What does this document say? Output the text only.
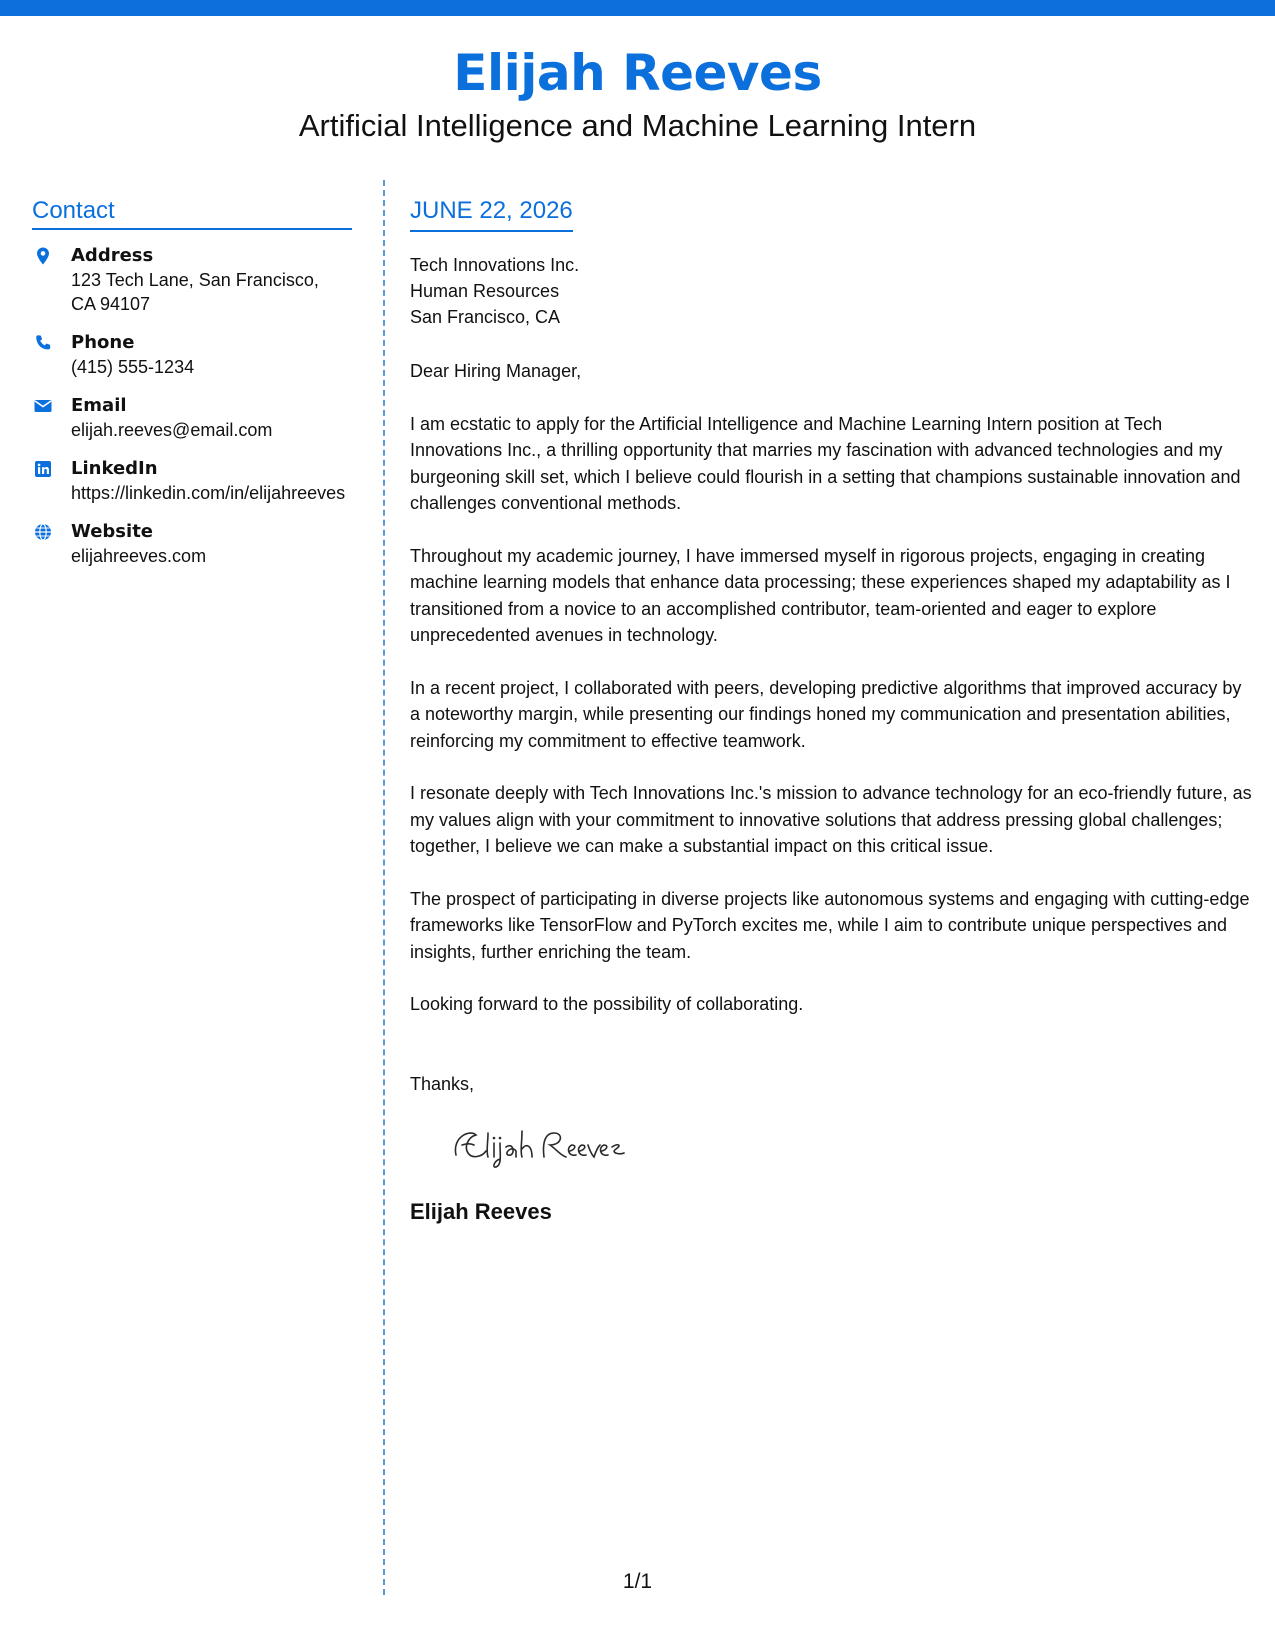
Elijah Reeves
Artificial Intelligence and Machine Learning Intern
Contact
Address
123 Tech Lane, San Francisco, CA 94107
Phone
(415) 555-1234
Email
elijah.reeves@email.com
LinkedIn
https://linkedin.com/in/elijahreeves
Website
elijahreeves.com
JUNE 22, 2026
Tech Innovations Inc.
Human Resources
San Francisco, CA
Dear Hiring Manager,
I am ecstatic to apply for the Artificial Intelligence and Machine Learning Intern position at Tech Innovations Inc., a thrilling opportunity that marries my fascination with advanced technologies and my burgeoning skill set, which I believe could flourish in a setting that champions sustainable innovation and challenges conventional methods.
Throughout my academic journey, I have immersed myself in rigorous projects, engaging in creating machine learning models that enhance data processing; these experiences shaped my adaptability as I transitioned from a novice to an accomplished contributor, team-oriented and eager to explore unprecedented avenues in technology.
In a recent project, I collaborated with peers, developing predictive algorithms that improved accuracy by a noteworthy margin, while presenting our findings honed my communication and presentation abilities, reinforcing my commitment to effective teamwork.
I resonate deeply with Tech Innovations Inc.'s mission to advance technology for an eco-friendly future, as my values align with your commitment to innovative solutions that address pressing global challenges; together, I believe we can make a substantial impact on this critical issue.
The prospect of participating in diverse projects like autonomous systems and engaging with cutting-edge frameworks like TensorFlow and PyTorch excites me, while I aim to contribute unique perspectives and insights, further enriching the team.
Looking forward to the possibility of collaborating.
Thanks,
Elijah Reeves
1/1
